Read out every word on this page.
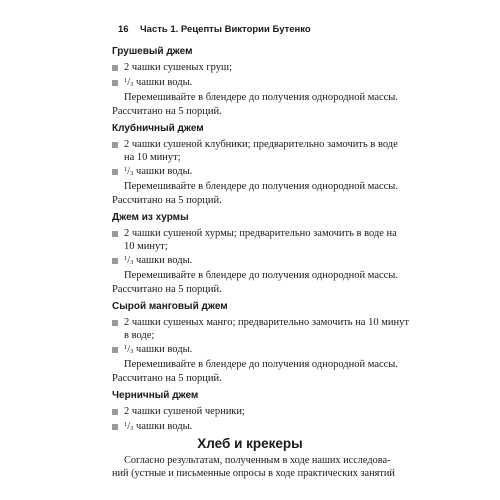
16 Часть 1. Рецепты Виктории Бутенко
Грушевый джем
2 чашки сушеных груш;
$^1/_3$ чашки воды.
Перемешивайте в блендере до получения однородной массы.
Рассчитано на 5 порций.
Клубничный джем
2 чашки сушеной клубники; предварительно замочить в воде
на 10 минут;
$^1/_3$ чашки воды.
Перемешивайте в блендере до получения однородной массы.
Рассчитано на 5 порций.
Джем из хурмы
2 чашки сушеной хурмы; предварительно замочить в воде на
10 минут;
$^1/_3$ чашки воды.
Перемешивайте в блендере до получения однородной массы.
Рассчитано на 5 порций.
Сырой манговый джем
2 чашки сушеных манго; предварительно замочить на 10 минут
в воде;
$^1/_3$ чашки воды.
Перемешивайте в блендере до получения однородной массы.
Рассчитано на 5 порций.
Черничный джем
2 чашки сушеной черники;
$^1/_3$ чашки воды.
Хлеб и крекеры
Согласно результатам, полученным в ходе наших исследова-
ний (устные и письменные опросы в ходе практических занятий
